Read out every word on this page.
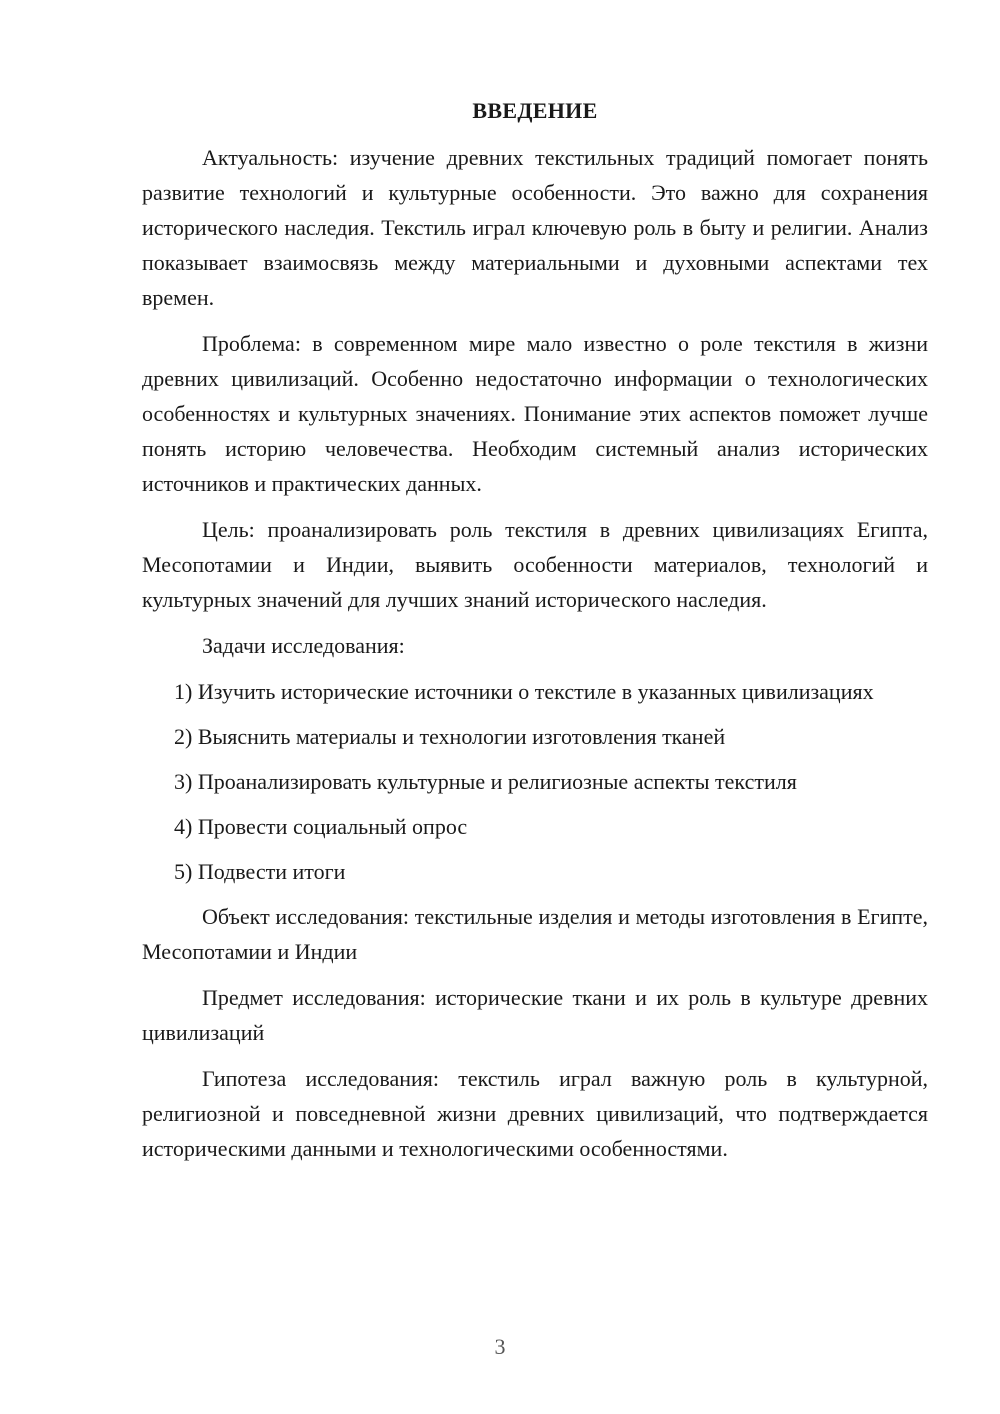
ВВЕДЕНИЕ

Актуальность: изучение древних текстильных традиций помогает понять развитие технологий и культурные особенности. Это важно для сохранения исторического наследия. Текстиль играл ключевую роль в быту и религии. Анализ показывает взаимосвязь между материальными и духовными аспектами тех времен.

Проблема: в современном мире мало известно о роле текстиля в жизни древних цивилизаций. Особенно недостаточно информации о технологических особенностях и культурных значениях. Понимание этих аспектов поможет лучше понять историю человечества. Необходим системный анализ исторических источников и практических данных.

Цель: проанализировать роль текстиля в древних цивилизациях Египта, Месопотамии и Индии, выявить особенности материалов, технологий и культурных значений для лучших знаний исторического наследия.

Задачи исследования:

1) Изучить исторические источники о текстиле в указанных цивилизациях

2) Выяснить материалы и технологии изготовления тканей

3) Проанализировать культурные и религиозные аспекты текстиля

4) Провести социальный опрос

5) Подвести итоги

Объект исследования: текстильные изделия и методы изготовления в Египте, Месопотамии и Индии

Предмет исследования: исторические ткани и их роль в культуре древних цивилизаций

Гипотеза исследования: текстиль играл важную роль в культурной, религиозной и повседневной жизни древних цивилизаций, что подтверждается историческими данными и технологическими особенностями.

3
